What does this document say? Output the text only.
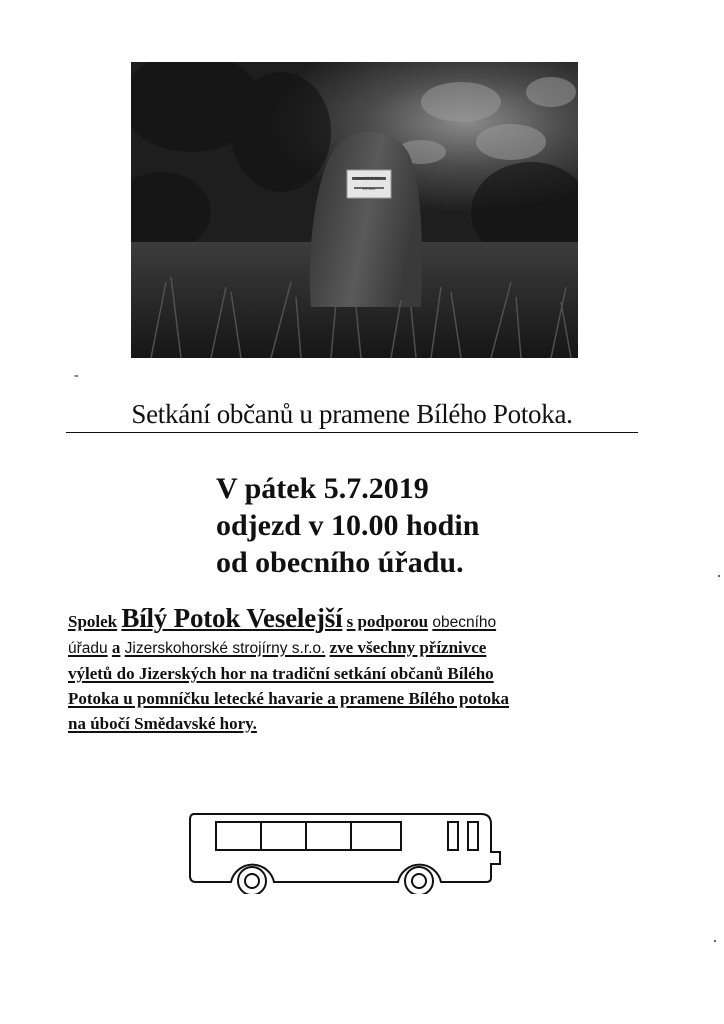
PRAMENIŠTĚ BÍLÉHO POTOKA
-
Setkání občanů u pramene Bílého Potoka.
V pátek 5.7.2019
odjezd v 10.00 hodin
od obecního úřadu.
Spolek Bílý Potok Veselejší s podporou obecního
úřadu a Jizerskohorské strojírny s.r.o. zve všechny příznivce
výletů do Jizerských hor na tradiční setkání občanů Bílého
Potoka u pomníčku letecké havarie a pramene Bílého potoka
na úbočí Smědavské hory.
